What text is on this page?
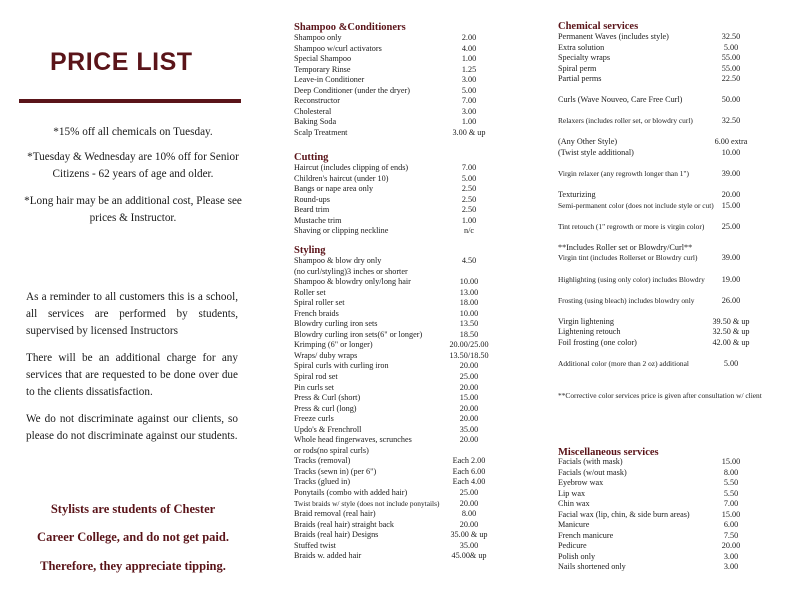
PRICE LIST
*15% off all chemicals on Tuesday.
*Tuesday & Wednesday are 10% off for Senior Citizens - 62 years of age and older.
*Long hair may be an additional cost, Please see prices & Instructor.
As a reminder to all customers this is a school, all services are performed by students, supervised by licensed Instructors
There will be an additional charge for any services that are requested to be done over due to the clients dissatisfaction.
We do not discriminate against our clients, so please do not discriminate against our students.
Stylists are students of Chester
Career College, and do not get paid.
Therefore, they appreciate tipping.
Shampoo &Conditioners
Shampoo only	2.00
Shampoo w/curl activators	4.00
Special Shampoo	1.00
Temporary Rinse	1.25
Leave-in Conditioner	3.00
Deep Conditioner (under the dryer)	5.00
Reconstructor	7.00
Cholesteral	3.00
Baking Soda	1.00
Scalp Treatment	3.00 & up
Cutting
Haircut (includes clipping of ends)	7.00
Children's haircut (under 10)	5.00
Bangs or nape area only	2.50
Round-ups	2.50
Beard trim	2.50
Mustache trim	1.00
Shaving or clipping neckline	n/c
Styling
Shampoo & blow dry only	4.50
(no curl/styling)3 inches or shorter
Shampoo & blowdry only/long hair	10.00
Roller set	13.00
Spiral roller set	18.00
French braids	10.00
Blowdry curling iron sets	13.50
Blowdry curling iron sets(6" or longer)	18.50
Krimping (6" or longer)	20.00/25.00
Wraps/ duby wraps	13.50/18.50
Spiral curls with curling iron	20.00
Spiral rod set	25.00
Pin curls set	20.00
Press & Curl (short)	15.00
Press & curl (long)	20.00
Freeze curls	20.00
Updo's & Frenchroll	35.00
Whole head fingerwaves, scrunches	20.00
or rods(no spiral curls)
Tracks (removal)	Each 2.00
Tracks (sewn in) (per 6")	Each 6.00
Tracks (glued in)	Each 4.00
Ponytails (combo with added hair)	25.00
Twist braids w/ style (does not include ponytails)	20.00
Braid removal (real hair)	8.00
Braids (real hair) straight back	20.00
Braids (real hair) Designs	35.00 & up
Stuffed twist	35.00
Braids w. added hair	45.00& up
Chemical services
Permanent Waves (includes style)	32.50
Extra solution	5.00
Specialty wraps	55.00
Spiral perm	55.00
Partial perms	22.50
Curls (Wave Nouveo, Care Free Curl)	50.00
Relaxers (includes roller set, or blowdry curl)	32.50
(Any Other Style)	6.00 extra
(Twist style additional)	10.00
Virgin relaxer (any regrowth longer than 1")	39.00
Texturizing	20.00
Semi-permanent color (does not include style or cut) 15.00
Tint retouch (1" regrowth or more is virgin color)	25.00
**Includes Roller set or Blowdry/Curl**
Virgin tint (includes Rollerset or Blowdry curl)	39.00
Highlighting (using only color) includes Blowdry	19.00
Frosting (using bleach) includes blowdry only	26.00
Virgin lightening	39.50 & up
Lightening retouch	32.50 & up
Foil frosting (one color)	42.00 & up
Additional color (more than 2 oz) additional	5.00
**Corrective color services price is given after consultation w/ client
Miscellaneous services
Facials (with mask)	15.00
Facials (w/out mask)	8.00
Eyebrow wax	5.50
Lip wax	5.50
Chin wax	7.00
Facial wax (lip, chin, & side burn areas)	15.00
Manicure	6.00
French manicure	7.50
Pedicure	20.00
Polish only	3.00
Nails shortened only	3.00
